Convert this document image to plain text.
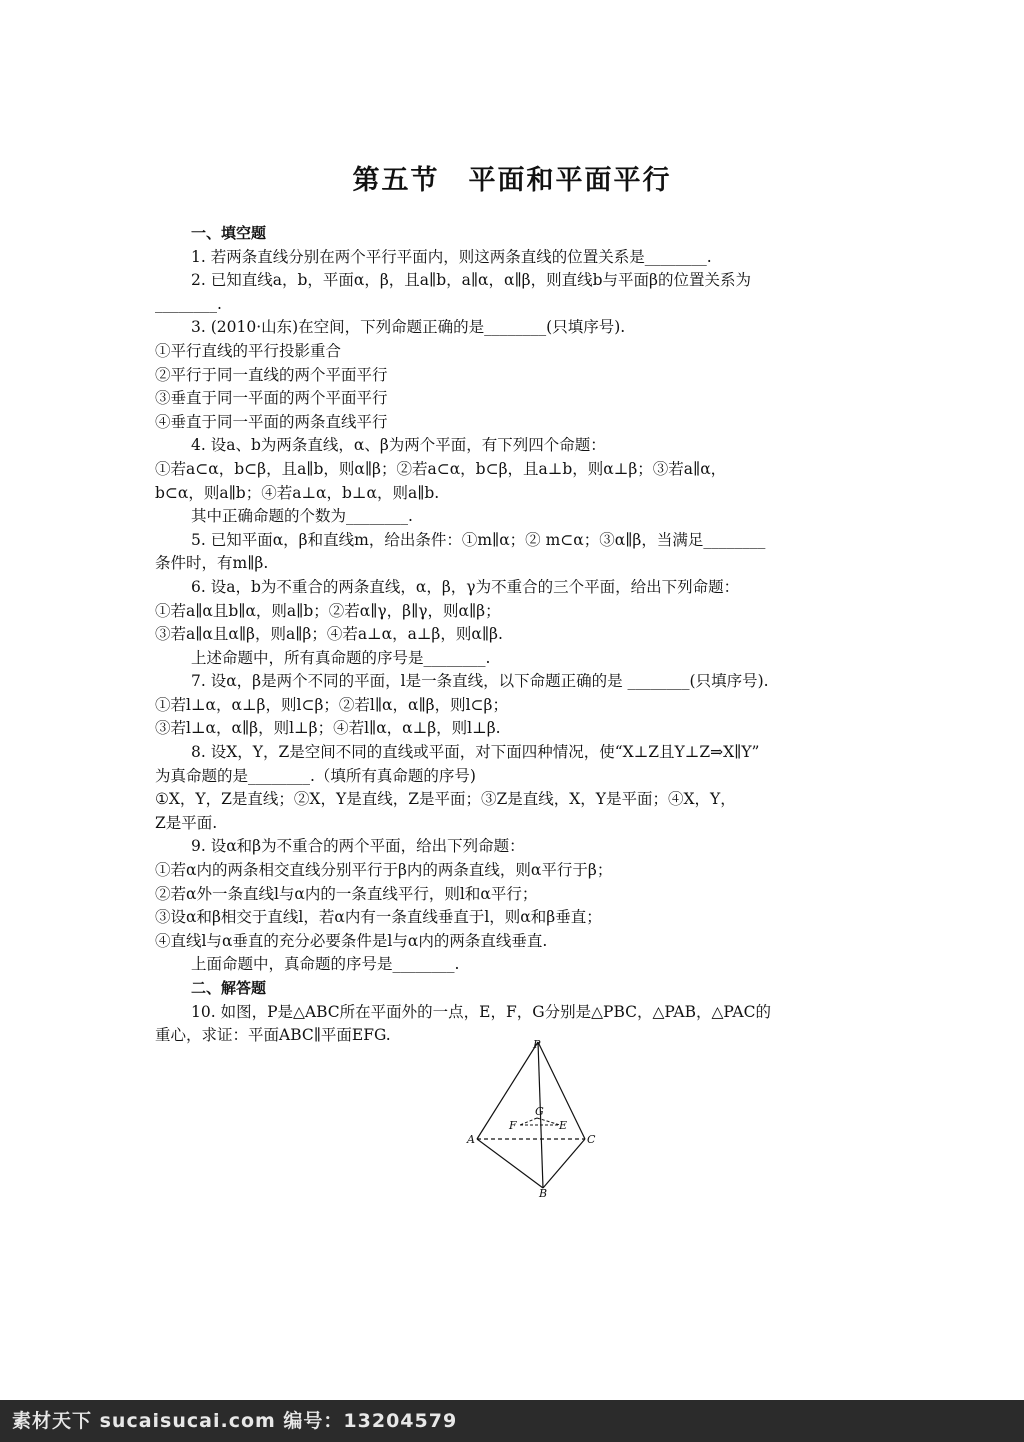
第五节　平面和平面平行
一、填空题
1. 若两条直线分别在两个平行平面内，则这两条直线的位置关系是________.
2. 已知直线a，b，平面α，β，且a∥b，a∥α，α∥β，则直线b与平面β的位置关系为
________.
3. (2010·山东)在空间，下列命题正确的是________(只填序号).
①平行直线的平行投影重合
②平行于同一直线的两个平面平行
③垂直于同一平面的两个平面平行
④垂直于同一平面的两条直线平行
4. 设a、b为两条直线，α、β为两个平面，有下列四个命题：
①若a⊂α，b⊂β，且a∥b，则α∥β；②若a⊂α，b⊂β，且a⊥b，则α⊥β；③若a∥α，
b⊂α，则a∥b；④若a⊥α，b⊥α，则a∥b.
其中正确命题的个数为________.
5. 已知平面α，β和直线m，给出条件：①m∥α；② m⊂α；③α∥β，当满足________
条件时，有m∥β.
6. 设a，b为不重合的两条直线，α，β，γ为不重合的三个平面，给出下列命题：
①若a∥α且b∥α，则a∥b；②若α∥γ，β∥γ，则α∥β；
③若a∥α且α∥β，则a∥β；④若a⊥α，a⊥β，则α∥β.
上述命题中，所有真命题的序号是________.
7. 设α，β是两个不同的平面，l是一条直线，以下命题正确的是 ________(只填序号).
①若l⊥α，α⊥β，则l⊂β；②若l∥α，α∥β，则l⊂β；
③若l⊥α，α∥β，则l⊥β；④若l∥α，α⊥β，则l⊥β.
8. 设X，Y，Z是空间不同的直线或平面，对下面四种情况，使“X⊥Z且Y⊥Z⇒X∥Y”
为真命题的是________.（填所有真命题的序号)
①X，Y，Z是直线；②X，Y是直线，Z是平面；③Z是直线，X，Y是平面；④X，Y，
Z是平面.
9. 设α和β为不重合的两个平面，给出下列命题：
①若α内的两条相交直线分别平行于β内的两条直线，则α平行于β；
②若α外一条直线l与α内的一条直线平行，则l和α平行；
③设α和β相交于直线l，若α内有一条直线垂直于l，则α和β垂直；
④直线l与α垂直的充分必要条件是l与α内的两条直线垂直.
上面命题中，真命题的序号是________.
二、解答题
10. 如图，P是△ABC所在平面外的一点，E，F，G分别是△PBC，△PAB，△PAC的
重心，求证：平面ABC∥平面EFG.
P
A
B
C
G
F	E
素材天下 sucaisucai.com 编号：13204579
